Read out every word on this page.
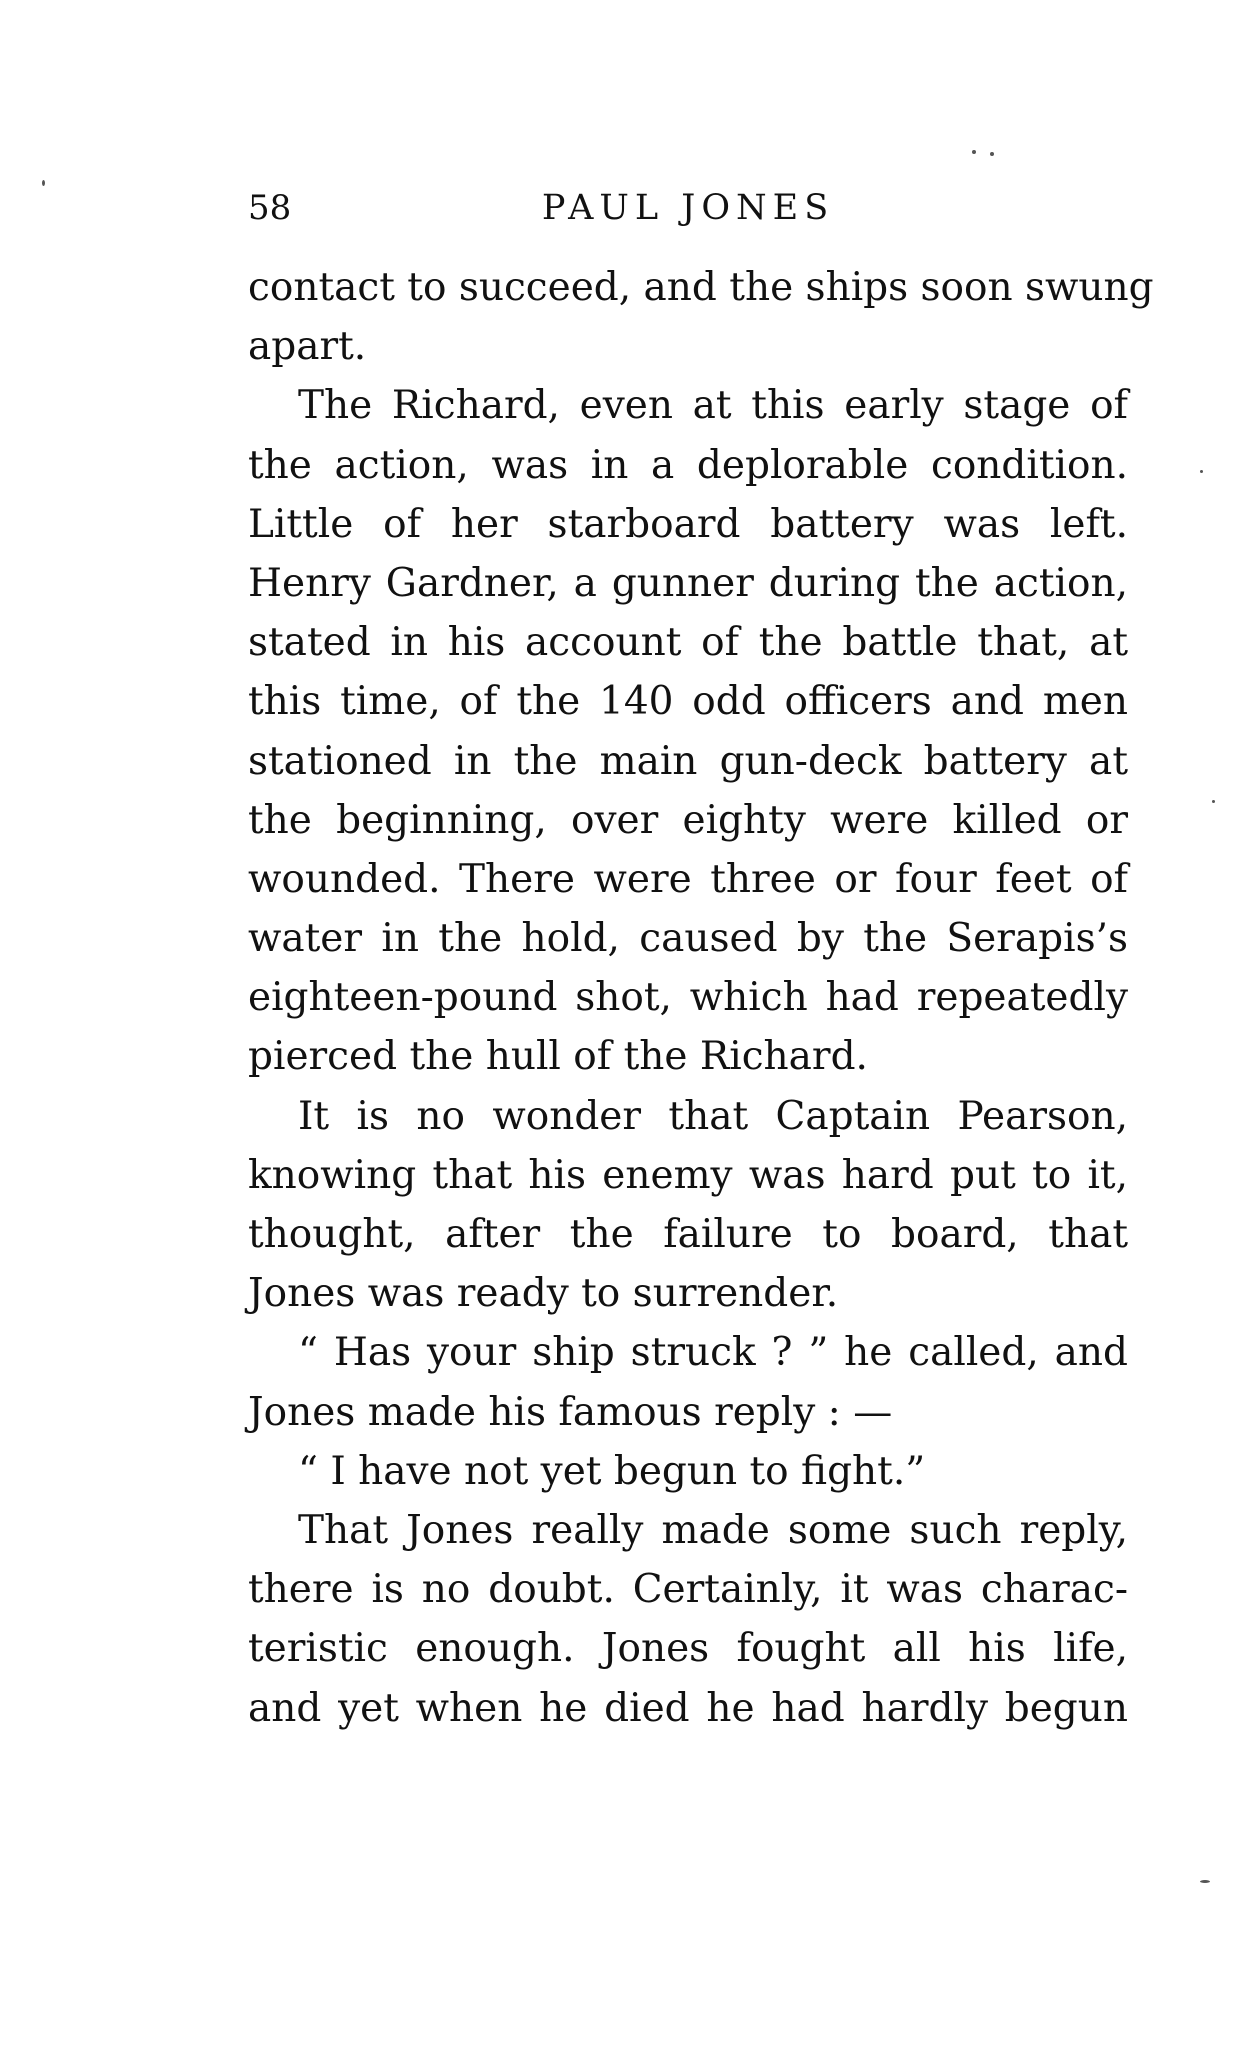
58	PAUL JONES
contact to succeed, and the ships soon swung
apart.
The Richard, even at this early stage of
the action, was in a deplorable condition.
Little of her starboard battery was left.
Henry Gardner, a gunner during the action,
stated in his account of the battle that, at
this time, of the 140 odd officers and men
stationed in the main gun-deck battery at
the beginning, over eighty were killed or
wounded. There were three or four feet of
water in the hold, caused by the Serapis’s
eighteen-pound shot, which had repeatedly
pierced the hull of the Richard.
It is no wonder that Captain Pearson,
knowing that his enemy was hard put to it,
thought, after the failure to board, that
Jones was ready to surrender.
“ Has your ship struck ? ” he called, and
Jones made his famous reply : —
“ I have not yet begun to fight.”
That Jones really made some such reply,
there is no doubt. Certainly, it was charac-
teristic enough. Jones fought all his life,
and yet when he died he had hardly begun
